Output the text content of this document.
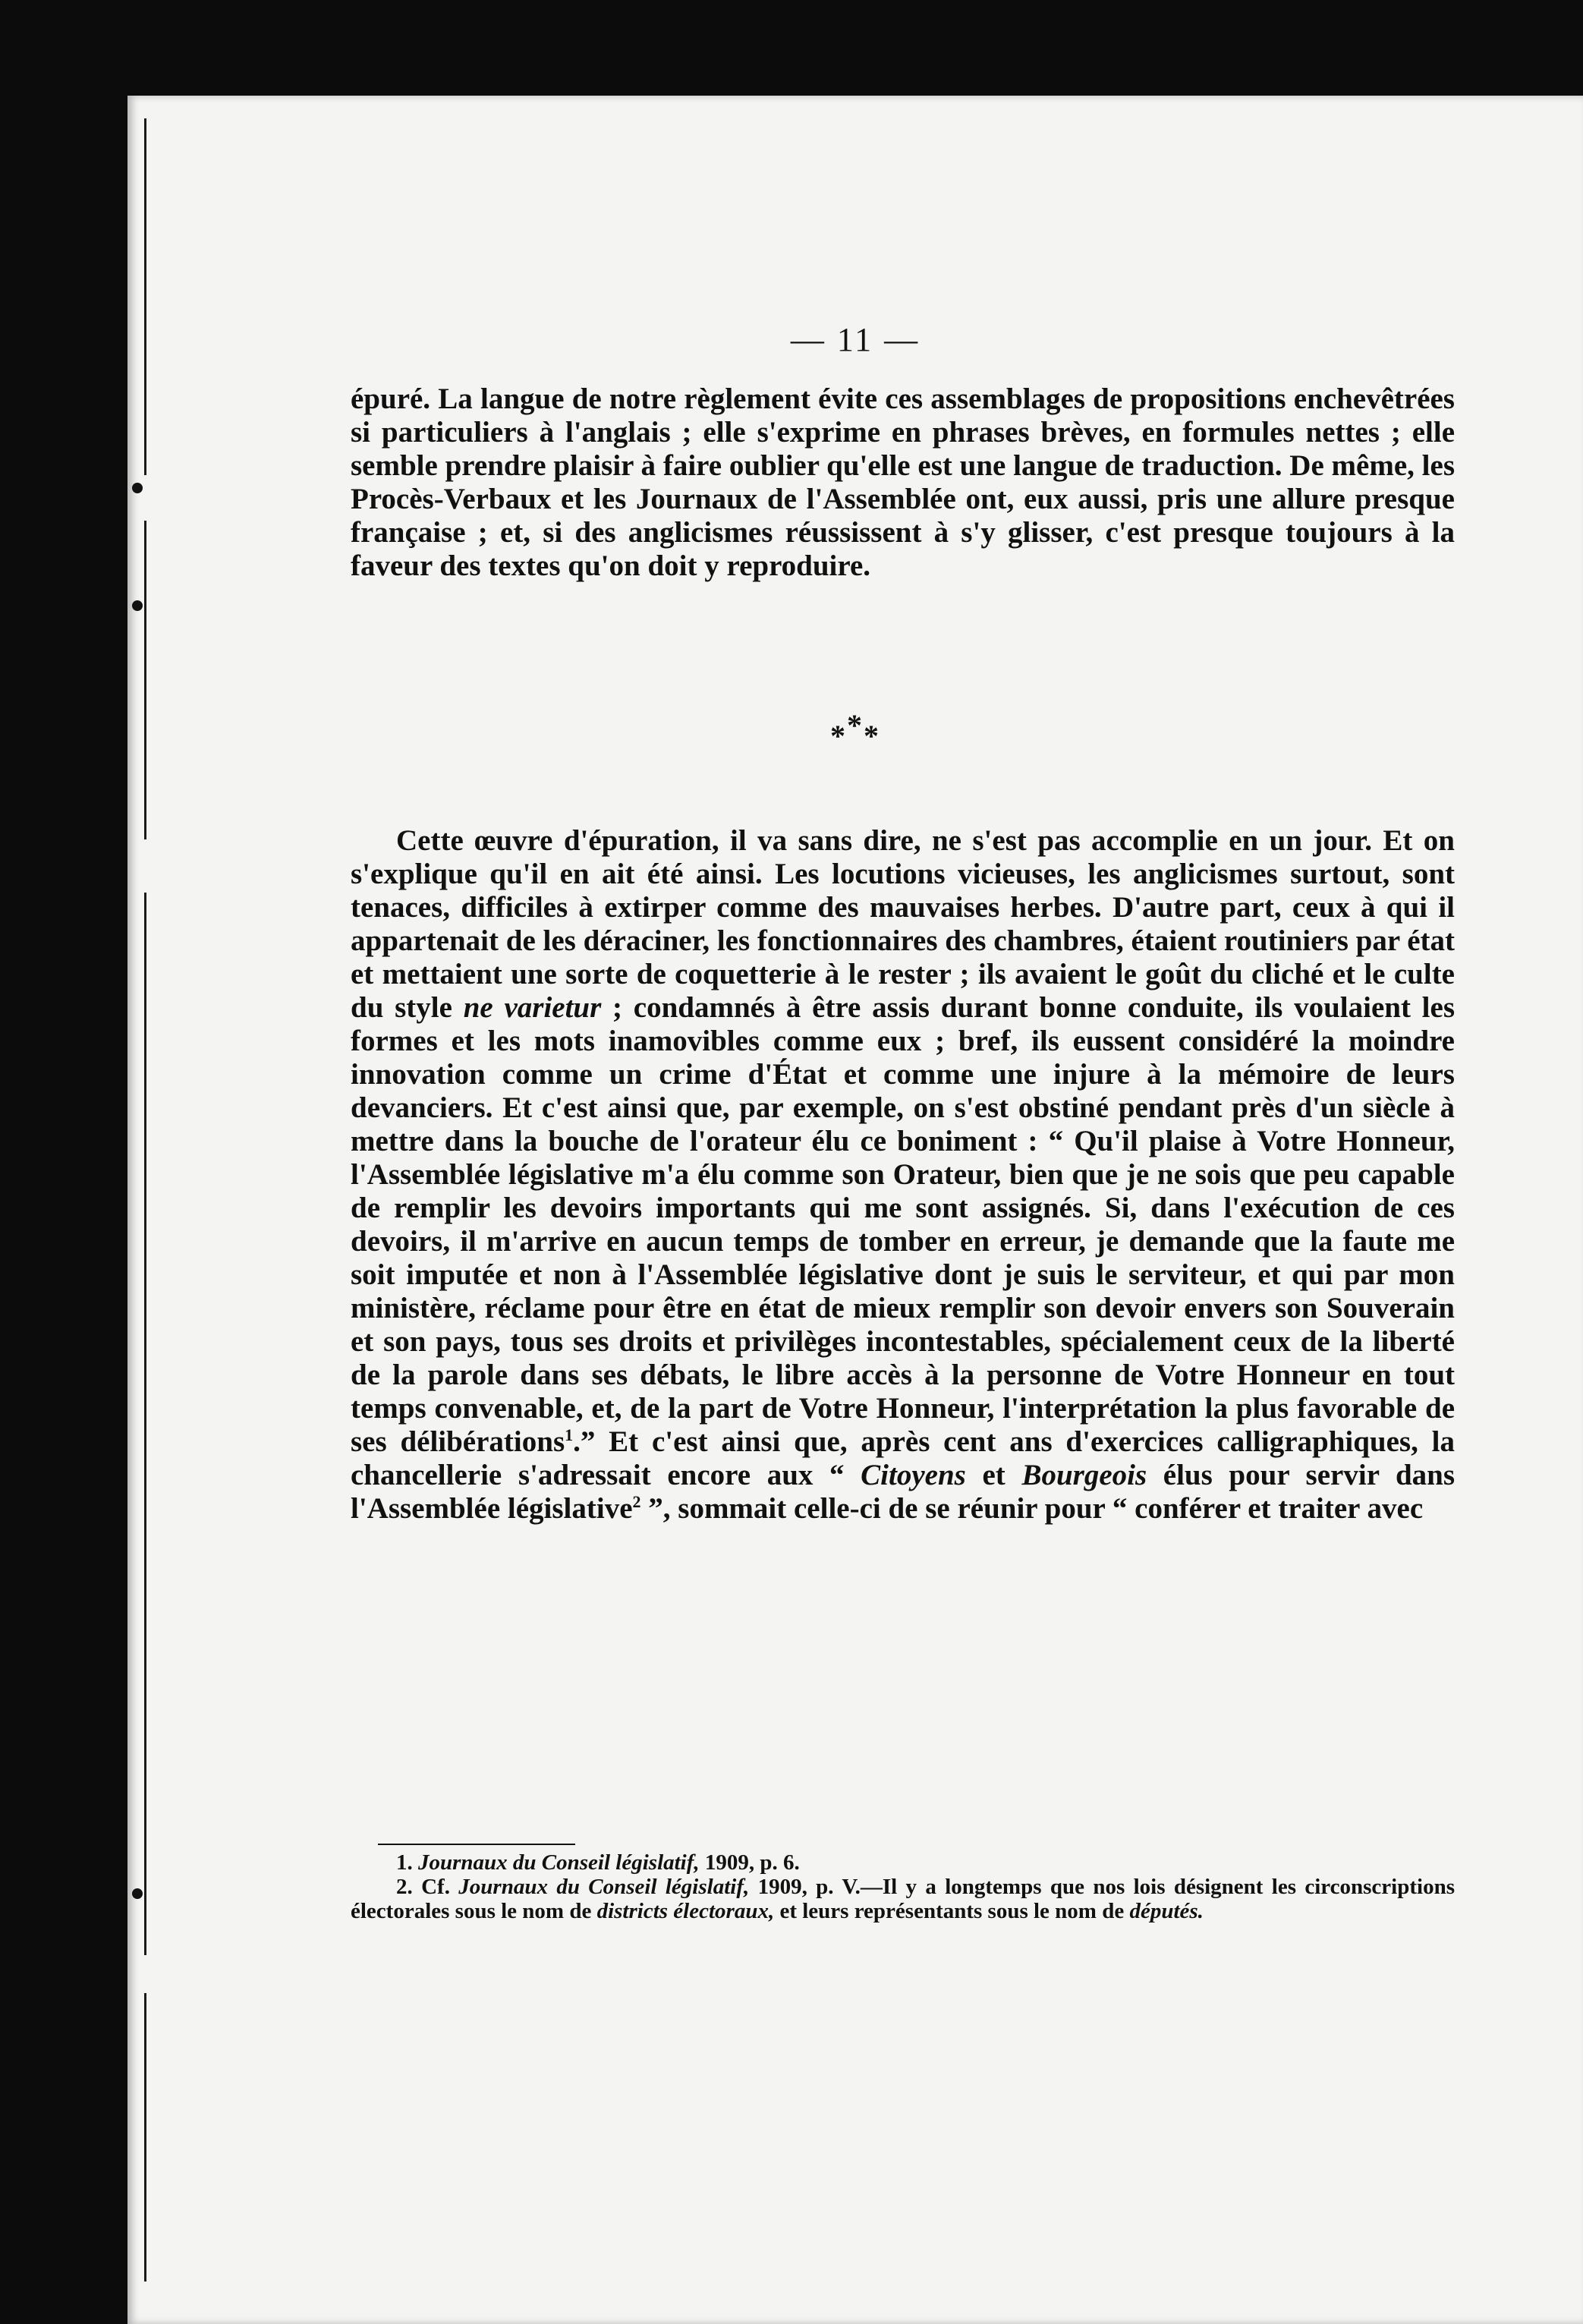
— 11 —

épuré. La langue de notre règlement évite ces assemblages de propositions enchevêtrées si particuliers à l'anglais ; elle s'exprime en phrases brèves, en formules nettes ; elle semble prendre plaisir à faire oublier qu'elle est une langue de traduction. De même, les Procès-Verbaux et les Journaux de l'Assemblée ont, eux aussi, pris une allure presque française ; et, si des anglicismes réussissent à s'y glisser, c'est presque toujours à la faveur des textes qu'on doit y reproduire.

***

Cette œuvre d'épuration, il va sans dire, ne s'est pas accomplie en un jour. Et on s'explique qu'il en ait été ainsi. Les locutions vicieuses, les anglicismes surtout, sont tenaces, difficiles à extirper comme des mauvaises herbes. D'autre part, ceux à qui il appartenait de les déraciner, les fonctionnaires des chambres, étaient routiniers par état et mettaient une sorte de coquetterie à le rester ; ils avaient le goût du cliché et le culte du style ne varietur ; condamnés à être assis durant bonne conduite, ils voulaient les formes et les mots inamovibles comme eux ; bref, ils eussent considéré la moindre innovation comme un crime d'État et comme une injure à la mémoire de leurs devanciers. Et c'est ainsi que, par exemple, on s'est obstiné pendant près d'un siècle à mettre dans la bouche de l'orateur élu ce boniment : “ Qu'il plaise à Votre Honneur, l'Assemblée législative m'a élu comme son Orateur, bien que je ne sois que peu capable de remplir les devoirs importants qui me sont assignés. Si, dans l'exécution de ces devoirs, il m'arrive en aucun temps de tomber en erreur, je demande que la faute me soit imputée et non à l'Assemblée législative dont je suis le serviteur, et qui par mon ministère, réclame pour être en état de mieux remplir son devoir envers son Souverain et son pays, tous ses droits et privilèges incontestables, spécialement ceux de la liberté de la parole dans ses débats, le libre accès à la personne de Votre Honneur en tout temps convenable, et, de la part de Votre Honneur, l'interprétation la plus favorable de ses délibérations$^1$.” Et c'est ainsi que, après cent ans d'exercices calligraphiques, la chancellerie s'adressait encore aux “ Citoyens et Bourgeois élus pour servir dans l'Assemblée législative$^2$ ”, sommait celle-ci de se réunir pour “ conférer et traiter avec

1. Journaux du Conseil législatif, 1909, p. 6.

2. Cf. Journaux du Conseil législatif, 1909, p. V.—Il y a longtemps que nos lois désignent les circonscriptions électorales sous le nom de districts électoraux, et leurs représentants sous le nom de députés.
